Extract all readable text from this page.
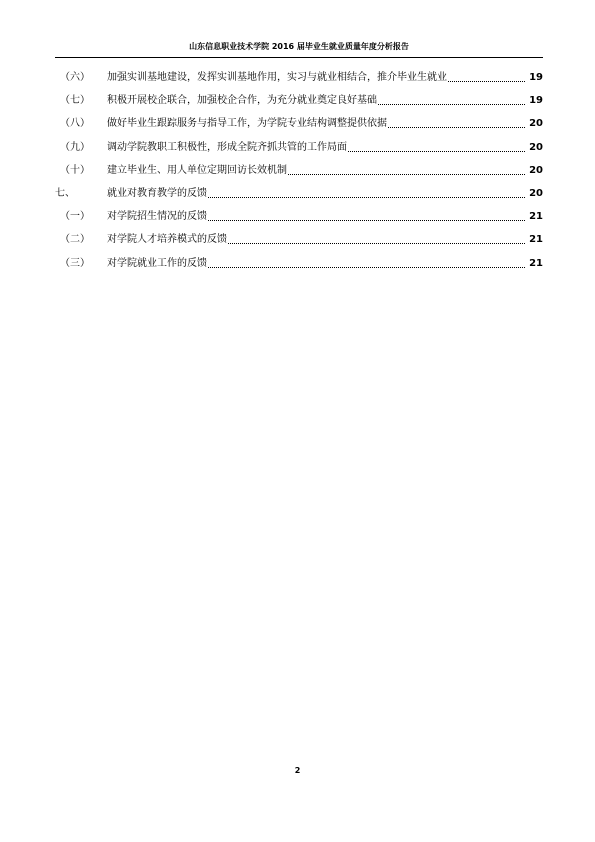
山东信息职业技术学院 2016 届毕业生就业质量年度分析报告
（六） 加强实训基地建设，发挥实训基地作用，实习与就业相结合，推介毕业生就业	19
（七） 积极开展校企联合，加强校企合作，为充分就业奠定良好基础	19
（八） 做好毕业生跟踪服务与指导工作，为学院专业结构调整提供依据	20
（九） 调动学院教职工积极性，形成全院齐抓共管的工作局面	20
（十） 建立毕业生、用人单位定期回访长效机制	20
七、	就业对教育教学的反馈	20
（一） 对学院招生情况的反馈	21
（二） 对学院人才培养模式的反馈	21
（三） 对学院就业工作的反馈	21
2
